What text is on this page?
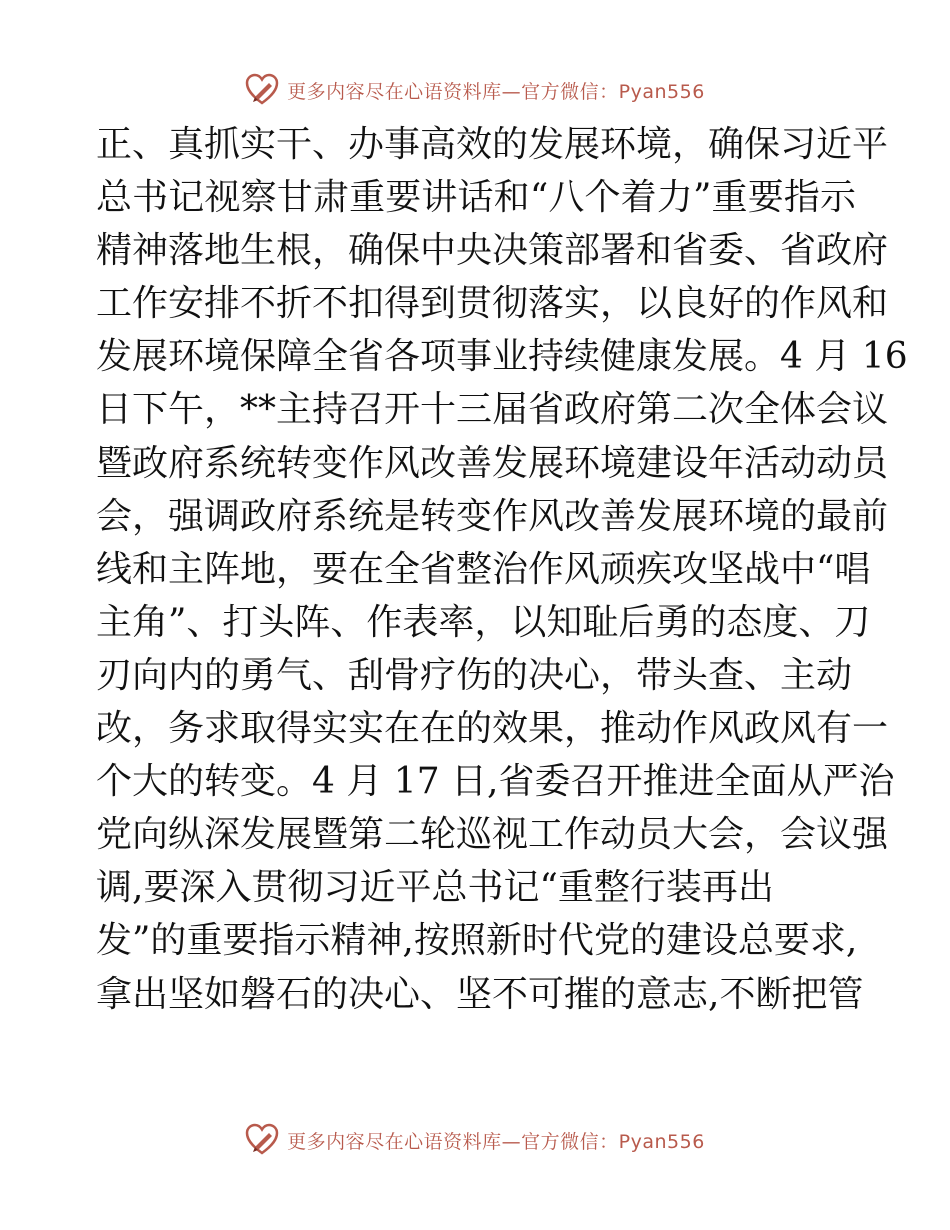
更多内容尽在心语资料库—官方微信：Pyan556
正、真抓实干、办事高效的发展环境，确保习近平
总书记视察甘肃重要讲话和“八个着力”重要指示
精神落地生根，确保中央决策部署和省委、省政府
工作安排不折不扣得到贯彻落实，以良好的作风和
发展环境保障全省各项事业持续健康发展。4 月 16
日下午，**主持召开十三届省政府第二次全体会议
暨政府系统转变作风改善发展环境建设年活动动员
会，强调政府系统是转变作风改善发展环境的最前
线和主阵地，要在全省整治作风顽疾攻坚战中“唱
主角”、打头阵、作表率，以知耻后勇的态度、刀
刃向内的勇气、刮骨疗伤的决心，带头查、主动
改，务求取得实实在在的效果，推动作风政风有一
个大的转变。4 月 17 日,省委召开推进全面从严治
党向纵深发展暨第二轮巡视工作动员大会，会议强
调,要深入贯彻习近平总书记“重整行装再出
发”的重要指示精神,按照新时代党的建设总要求,
拿出坚如磐石的决心、坚不可摧的意志,不断把管
更多内容尽在心语资料库—官方微信：Pyan556
